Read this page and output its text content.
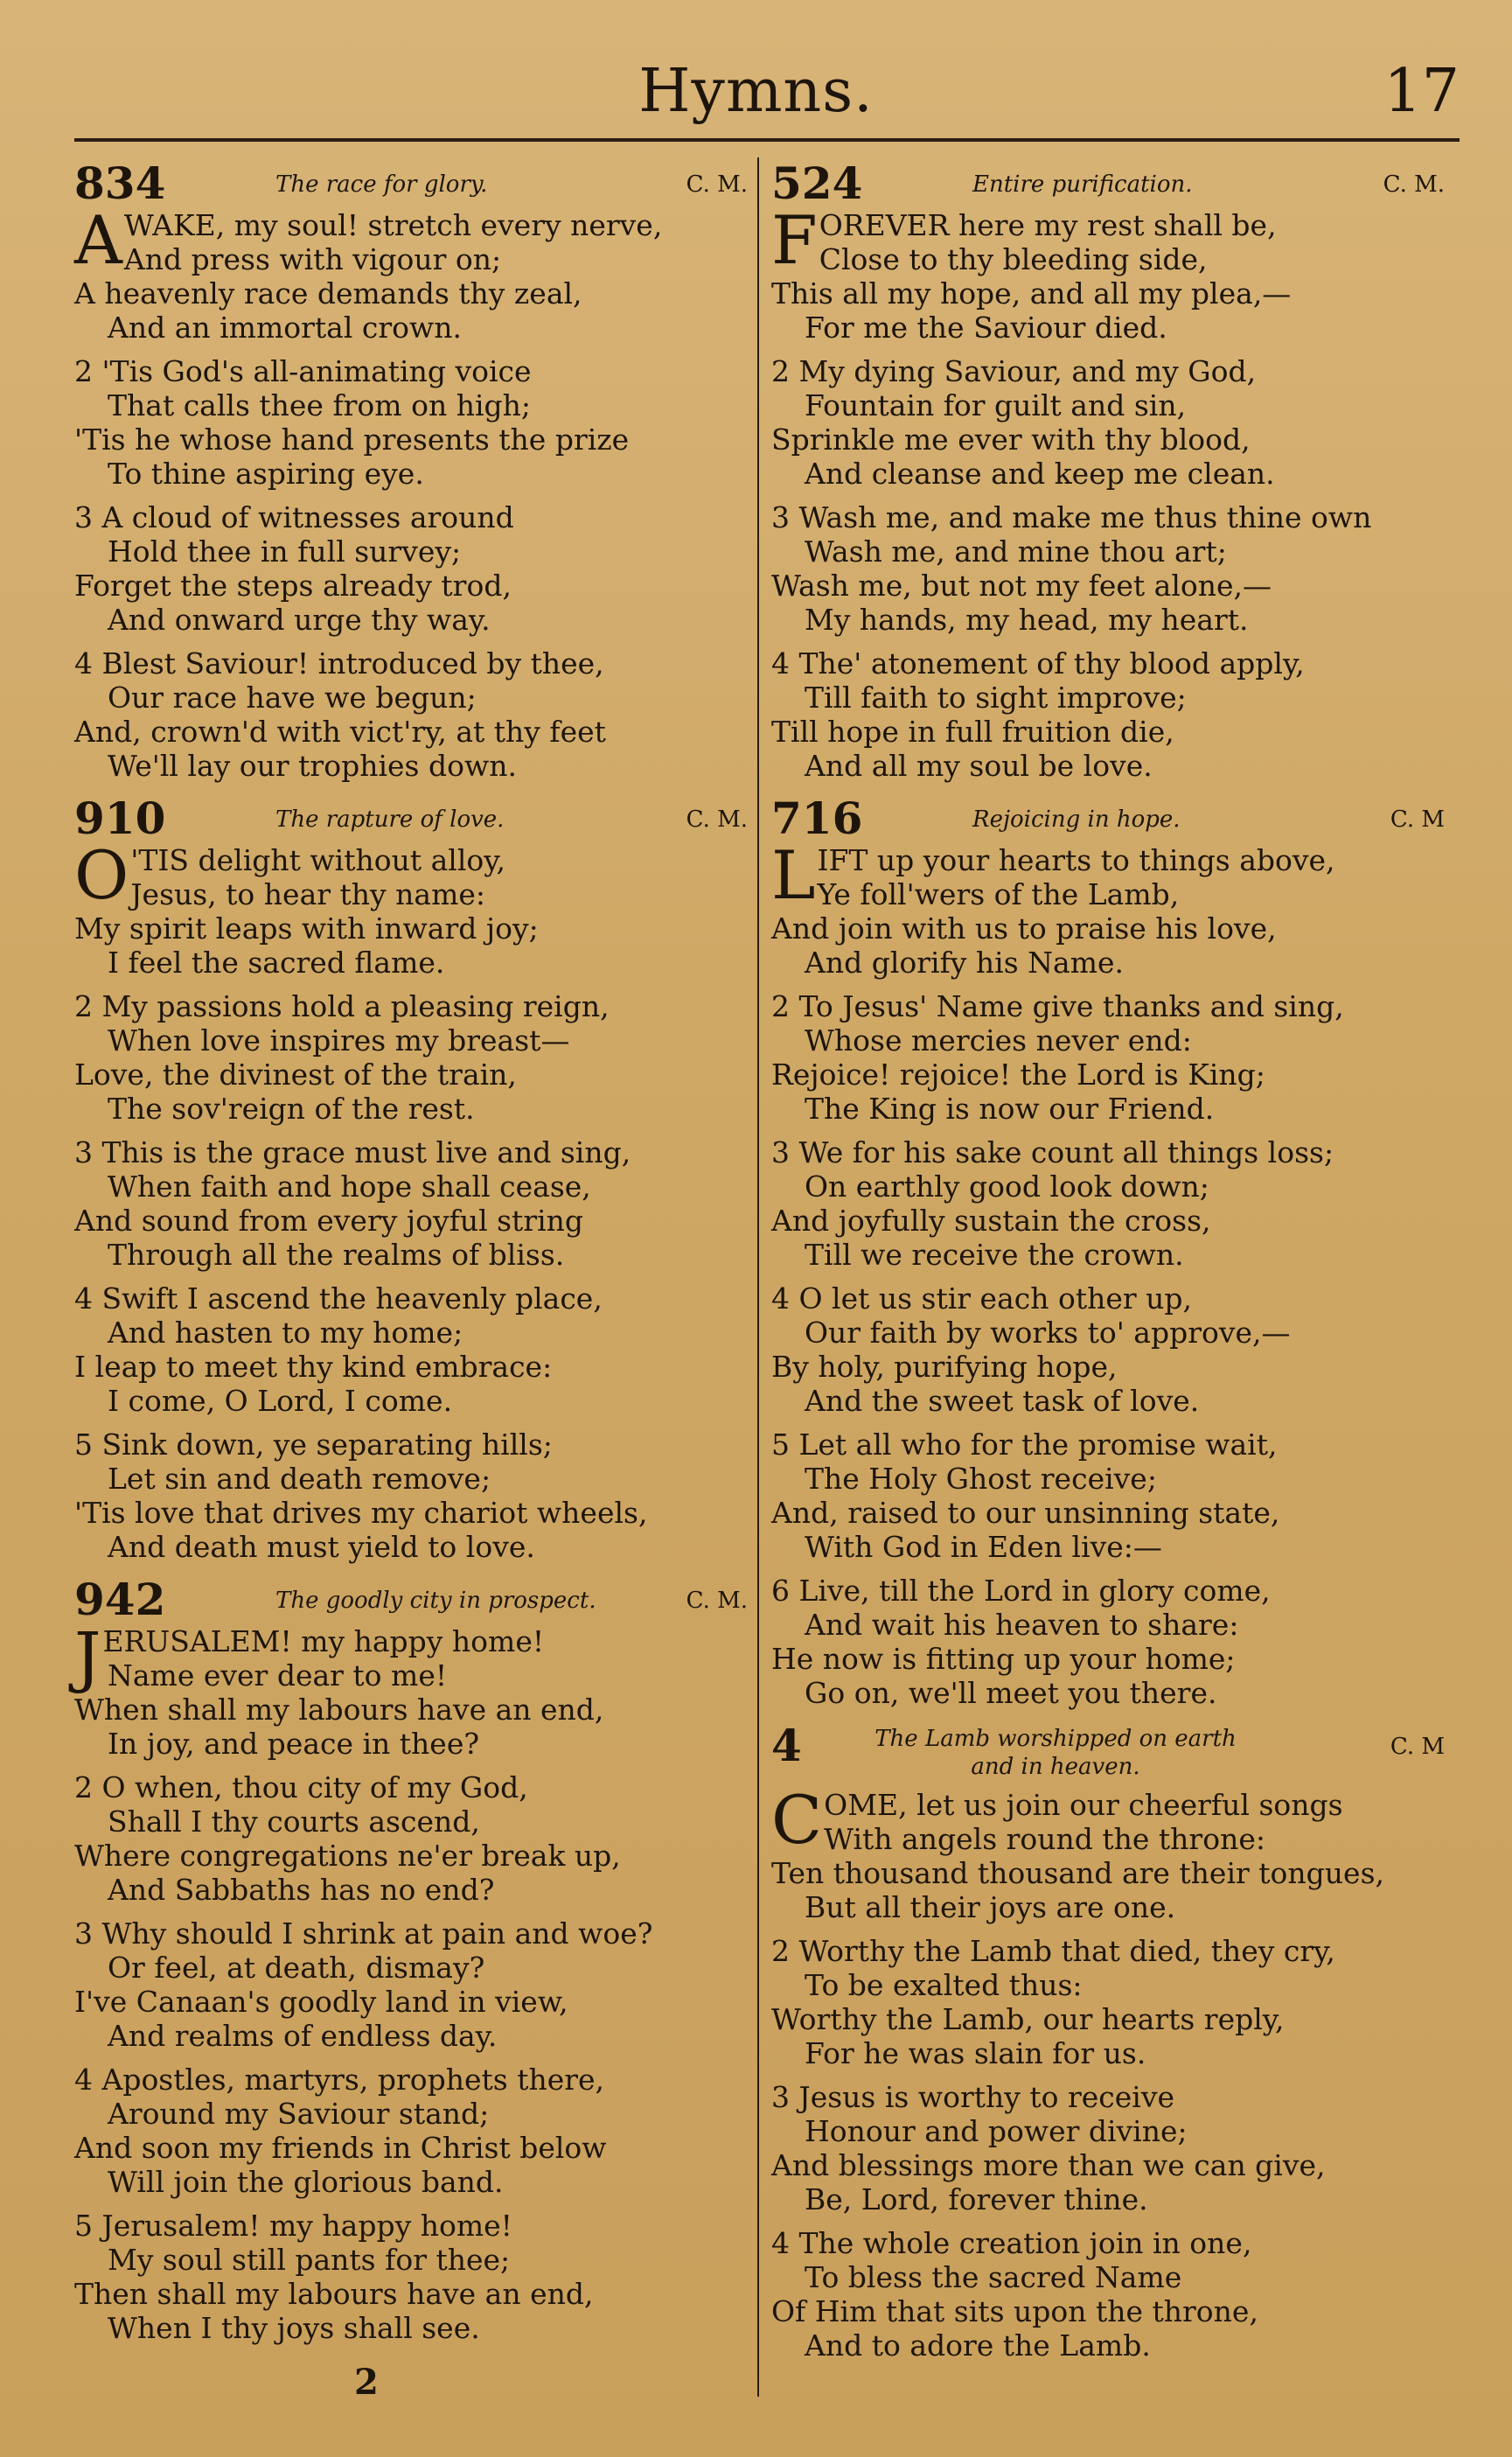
Hymns.	17
834	The race for glory.	C. M.
AWAKE, my soul! stretch every nerve,
And press with vigour on;
A heavenly race demands thy zeal,
And an immortal crown.
2 'Tis God's all-animating voice
That calls thee from on high;
'Tis he whose hand presents the prize
To thine aspiring eye.
3 A cloud of witnesses around
Hold thee in full survey;
Forget the steps already trod,
And onward urge thy way.
4 Blest Saviour! introduced by thee,
Our race have we begun;
And, crown'd with vict'ry, at thy feet
We'll lay our trophies down.
910	The rapture of love.	C. M.
O 'TIS delight without alloy,
Jesus, to hear thy name:
My spirit leaps with inward joy;
I feel the sacred flame.
2 My passions hold a pleasing reign,
When love inspires my breast—
Love, the divinest of the train,
The sov'reign of the rest.
3 This is the grace must live and sing,
When faith and hope shall cease,
And sound from every joyful string
Through all the realms of bliss.
4 Swift I ascend the heavenly place,
And hasten to my home;
I leap to meet thy kind embrace:
I come, O Lord, I come.
5 Sink down, ye separating hills;
Let sin and death remove;
'Tis love that drives my chariot wheels,
And death must yield to love.
942	The goodly city in prospect.	C. M.
JERUSALEM! my happy home!
Name ever dear to me!
When shall my labours have an end,
In joy, and peace in thee?
2 O when, thou city of my God,
Shall I thy courts ascend,
Where congregations ne'er break up,
And Sabbaths has no end?
3 Why should I shrink at pain and woe?
Or feel, at death, dismay?
I've Canaan's goodly land in view,
And realms of endless day.
4 Apostles, martyrs, prophets there,
Around my Saviour stand;
And soon my friends in Christ below
Will join the glorious band.
5 Jerusalem! my happy home!
My soul still pants for thee;
Then shall my labours have an end,
When I thy joys shall see.
524	Entire purification.	C. M.
FOREVER here my rest shall be,
Close to thy bleeding side,
This all my hope, and all my plea,—
For me the Saviour died.
2 My dying Saviour, and my God,
Fountain for guilt and sin,
Sprinkle me ever with thy blood,
And cleanse and keep me clean.
3 Wash me, and make me thus thine own
Wash me, and mine thou art;
Wash me, but not my feet alone,—
My hands, my head, my heart.
4 The' atonement of thy blood apply,
Till faith to sight improve;
Till hope in full fruition die,
And all my soul be love.
716	Rejoicing in hope.	C. M
LIFT up your hearts to things above,
Ye foll'wers of the Lamb,
And join with us to praise his love,
And glorify his Name.
2 To Jesus' Name give thanks and sing,
Whose mercies never end:
Rejoice! rejoice! the Lord is King;
The King is now our Friend.
3 We for his sake count all things loss;
On earthly good look down;
And joyfully sustain the cross,
Till we receive the crown.
4 O let us stir each other up,
Our faith by works to' approve,—
By holy, purifying hope,
And the sweet task of love.
5 Let all who for the promise wait,
The Holy Ghost receive;
And, raised to our unsinning state,
With God in Eden live:—
6 Live, till the Lord in glory come,
And wait his heaven to share:
He now is fitting up your home;
Go on, we'll meet you there.
4	The Lamb worshipped on earth and in heaven.
C. M
COME, let us join our cheerful songs
With angels round the throne:
Ten thousand thousand are their tongues,
But all their joys are one.
2 Worthy the Lamb that died, they cry,
To be exalted thus:
Worthy the Lamb, our hearts reply,
For he was slain for us.
3 Jesus is worthy to receive
Honour and power divine;
And blessings more than we can give,
Be, Lord, forever thine.
4 The whole creation join in one,
To bless the sacred Name
Of Him that sits upon the throne,
And to adore the Lamb.
2
